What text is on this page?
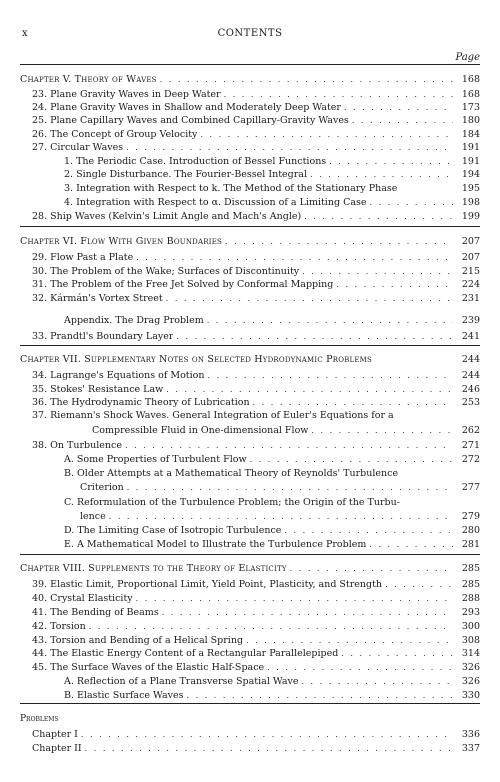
x	CONTENTS
Page
Chapter V. Theory of Waves . . .	168
23. Plane Gravity Waves in Deep Water . . .	168
24. Plane Gravity Waves in Shallow and Moderately Deep Water . . .	173
25. Plane Capillary Waves and Combined Capillary-Gravity Waves . . .	180
26. The Concept of Group Velocity . . .	184
27. Circular Waves . . .	191
1. The Periodic Case. Introduction of Bessel Functions . . .	191
2. Single Disturbance. The Fourier-Bessel Integral . . .	194
3. Integration with Respect to k. The Method of the Stationary Phase	195
4. Integration with Respect to α. Discussion of a Limiting Case . . .	198
28. Ship Waves (Kelvin's Limit Angle and Mach's Angle) . . .	199
Chapter VI. Flow With Given Boundaries . . .	207
29. Flow Past a Plate . . .	207
30. The Problem of the Wake; Surfaces of Discontinuity . . .	215
31. The Problem of the Free Jet Solved by Conformal Mapping . . .	224
32. Kármán's Vortex Street . . .	231
Appendix. The Drag Problem . . .	239
33. Prandtl's Boundary Layer . . .	241
Chapter VII. Supplementary Notes on Selected Hydrodynamic Problems	244
34. Lagrange's Equations of Motion . . .	244
35. Stokes' Resistance Law . . .	246
36. The Hydrodynamic Theory of Lubrication . . .	253
37. Riemann's Shock Waves. General Integration of Euler's Equations for a
Compressible Fluid in One-dimensional Flow . . .	262
38. On Turbulence . . .	271
A. Some Properties of Turbulent Flow . . .	272
B. Older Attempts at a Mathematical Theory of Reynolds' Turbulence
Criterion . . .	277
C. Reformulation of the Turbulence Problem; the Origin of the Turbu-
lence . . .	279
D. The Limiting Case of Isotropic Turbulence . . .	280
E. A Mathematical Model to Illustrate the Turbulence Problem . . .	281
Chapter VIII. Supplements to the Theory of Elasticity . . .	285
39. Elastic Limit, Proportional Limit, Yield Point, Plasticity, and Strength . . .	285
40. Crystal Elasticity . . .	288
41. The Bending of Beams . . .	293
42. Torsion . . .	300
43. Torsion and Bending of a Helical Spring . . .	308
44. The Elastic Energy Content of a Rectangular Parallelepiped . . .	314
45. The Surface Waves of the Elastic Half-Space . . .	326
A. Reflection of a Plane Transverse Spatial Wave . . .	326
B. Elastic Surface Waves . . .	330
Problems
Chapter I . . .	336
Chapter II . . .	337
